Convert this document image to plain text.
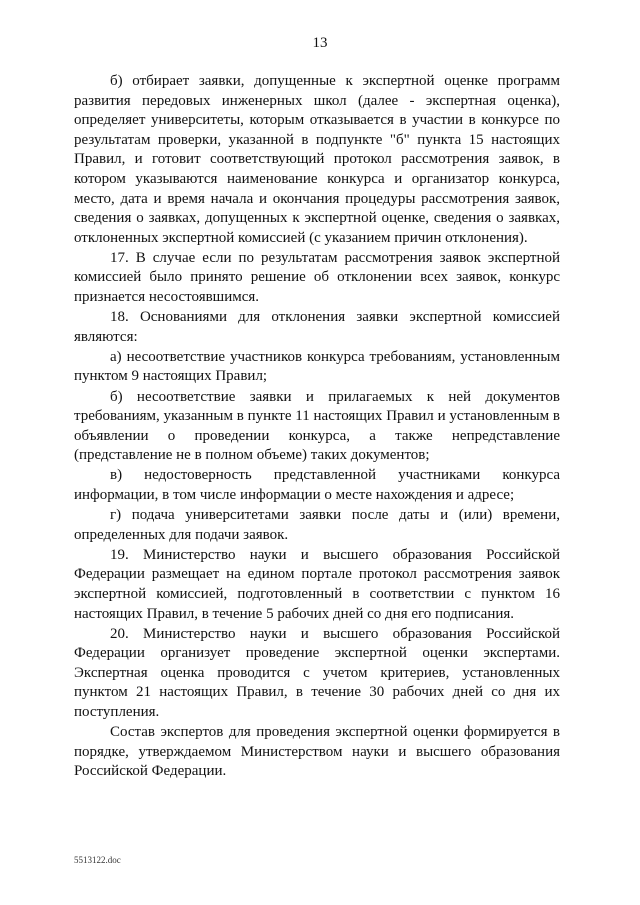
13

б) отбирает заявки, допущенные к экспертной оценке программ развития передовых инженерных школ (далее - экспертная оценка), определяет университеты, которым отказывается в участии в конкурсе по результатам проверки, указанной в подпункте "б" пункта 15 настоящих Правил, и готовит соответствующий протокол рассмотрения заявок, в котором указываются наименование конкурса и организатор конкурса, место, дата и время начала и окончания процедуры рассмотрения заявок, сведения о заявках, допущенных к экспертной оценке, сведения о заявках, отклоненных экспертной комиссией (с указанием причин отклонения).

17. В случае если по результатам рассмотрения заявок экспертной комиссией было принято решение об отклонении всех заявок, конкурс признается несостоявшимся.

18. Основаниями для отклонения заявки экспертной комиссией являются:

а) несоответствие участников конкурса требованиям, установленным пунктом 9 настоящих Правил;

б) несоответствие заявки и прилагаемых к ней документов требованиям, указанным в пункте 11 настоящих Правил и установленным в объявлении о проведении конкурса, а также непредставление (представление не в полном объеме) таких документов;

в) недостоверность представленной участниками конкурса информации, в том числе информации о месте нахождения и адресе;

г) подача университетами заявки после даты и (или) времени, определенных для подачи заявок.

19. Министерство науки и высшего образования Российской Федерации размещает на едином портале протокол рассмотрения заявок экспертной комиссией, подготовленный в соответствии с пунктом 16 настоящих Правил, в течение 5 рабочих дней со дня его подписания.

20. Министерство науки и высшего образования Российской Федерации организует проведение экспертной оценки экспертами. Экспертная оценка проводится с учетом критериев, установленных пунктом 21 настоящих Правил, в течение 30 рабочих дней со дня их поступления.

Состав экспертов для проведения экспертной оценки формируется в порядке, утверждаемом Министерством науки и высшего образования Российской Федерации.

5513122.doc
